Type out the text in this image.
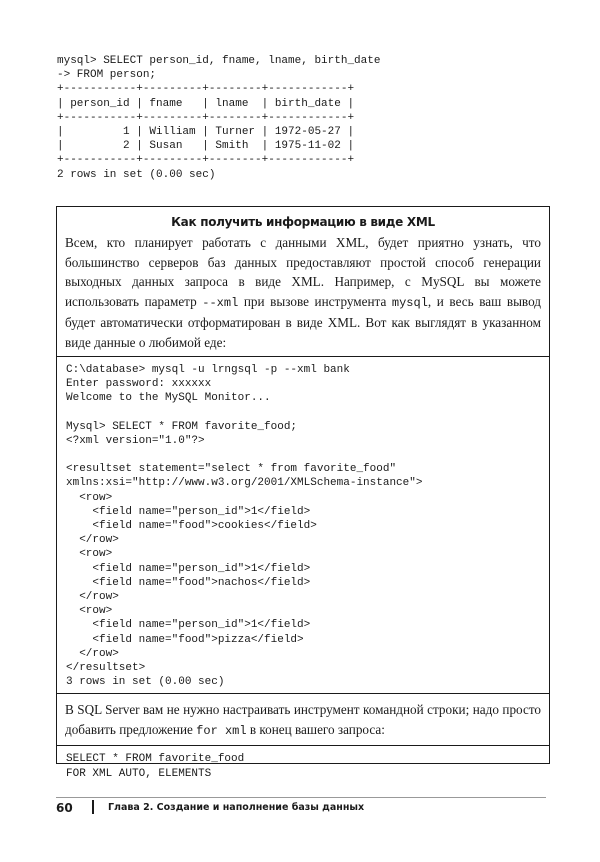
mysql> SELECT person_id, fname, lname, birth_date
-> FROM person;
+-----------+---------+--------+------------+
| person_id | fname   | lname  | birth_date |
+-----------+---------+--------+------------+
|         1 | William | Turner | 1972-05-27 |
|         2 | Susan   | Smith  | 1975-11-02 |
+-----------+---------+--------+------------+
2 rows in set (0.00 sec)
Как получить информацию в виде XML

Всем, кто планирует работать с данными XML, будет приятно узнать, что большинство серверов баз данных предоставляют простой способ генерации выходных данных запроса в виде XML. Например, с MySQL вы можете использовать параметр --xml при вызове инструмента mysql, и весь ваш вывод будет автоматически отформатирован в виде XML. Вот как выглядят в указанном виде данные о любимой еде:

C:\database> mysql -u lrngsql -p --xml bank
Enter password: xxxxxx
Welcome to the MySQL Monitor...
Mysql> SELECT * FROM favorite_food;
<?xml version="1.0"?>

<resultset statement="select * from favorite_food"
xmlns:xsi="http://www.w3.org/2001/XMLSchema-instance">
<row>
<field name="person_id">1</field>
<field name="food">cookies</field>
</row>
<row>
<field name="person_id">1</field>
<field name="food">nachos</field>
</row>
<row>
<field name="person_id">1</field>
<field name="food">pizza</field>
</row>
</resultset>
3 rows in set (0.00 sec)

В SQL Server вам не нужно настраивать инструмент командной строки; надо просто добавить предложение for xml в конец вашего запроса:

SELECT * FROM favorite_food
FOR XML AUTO, ELEMENTS
60	Глава 2. Создание и наполнение базы данных
